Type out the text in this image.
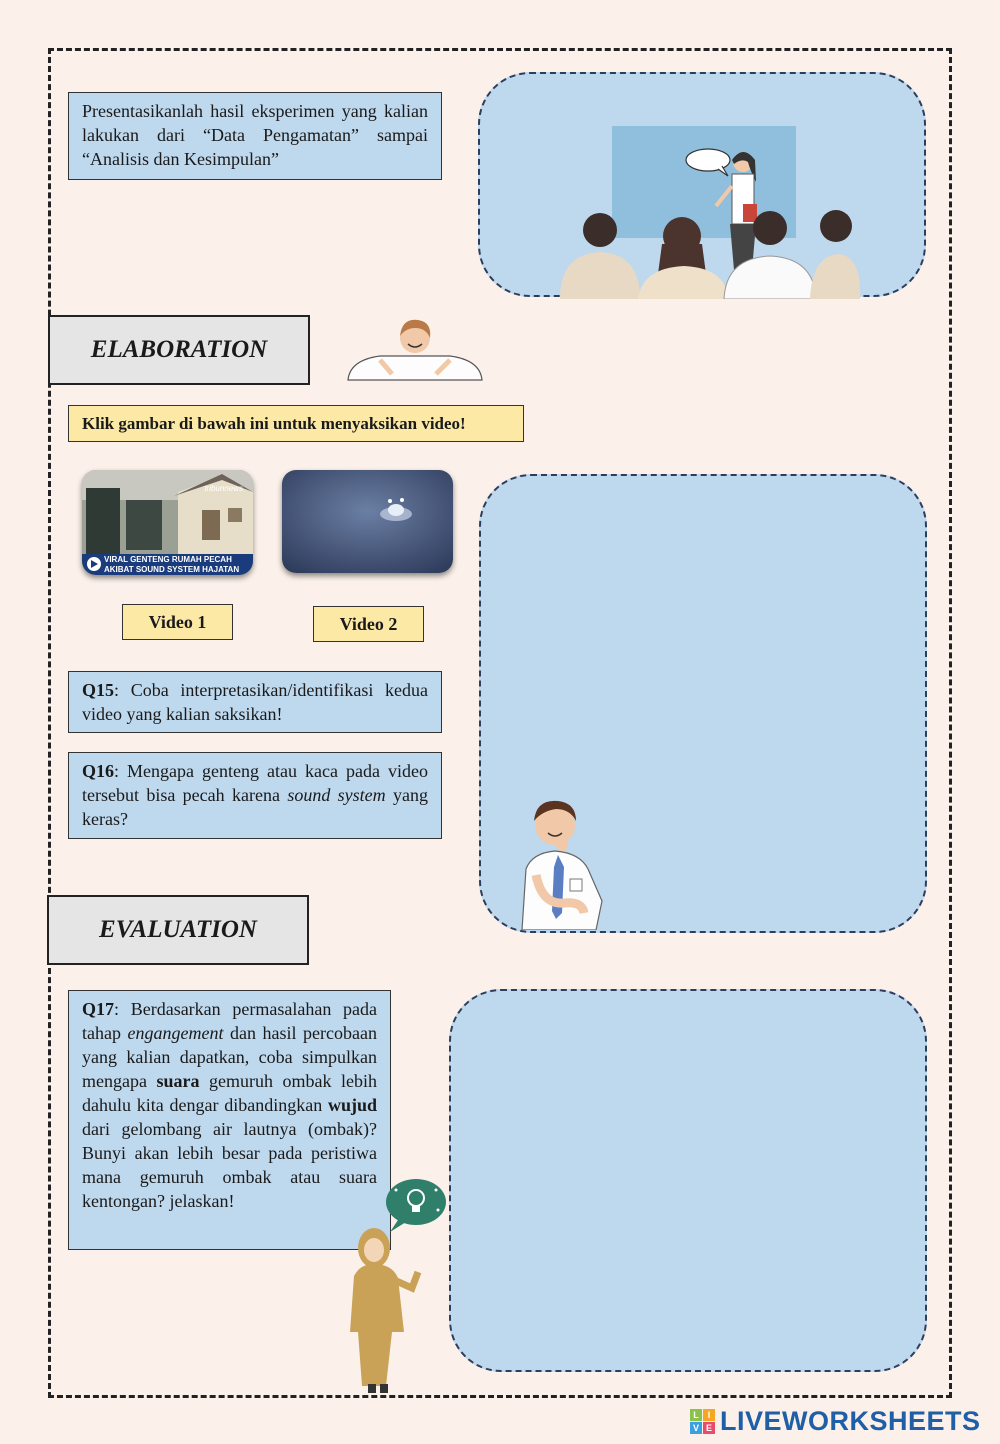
Presentasikanlah hasil eksperimen yang kalian lakukan dari “Data Pengamatan” sampai “Analisis dan Kesimpulan”
ELABORATION
Klik gambar di bawah ini untuk menyaksikan video!
tribunnews
VIRAL GENTENG RUMAH PECAH
AKIBAT SOUND SYSTEM HAJATAN
Video 1	Video 2
Q15: Coba interpretasikan/identifikasi kedua video yang kalian saksikan!
Q16: Mengapa genteng atau kaca pada video tersebut bisa pecah karena sound system yang keras?
EVALUATION
Q17: Berdasarkan permasalahan pada tahap engangement dan hasil percobaan yang kalian dapatkan, coba simpulkan mengapa suara gemuruh ombak lebih dahulu kita dengar dibandingkan wujud dari gelombang air lautnya (ombak)? Bunyi akan lebih besar pada peristiwa mana gemuruh ombak atau suara kentongan? jelaskan!
L I
V E LIVEWORKSHEETS
